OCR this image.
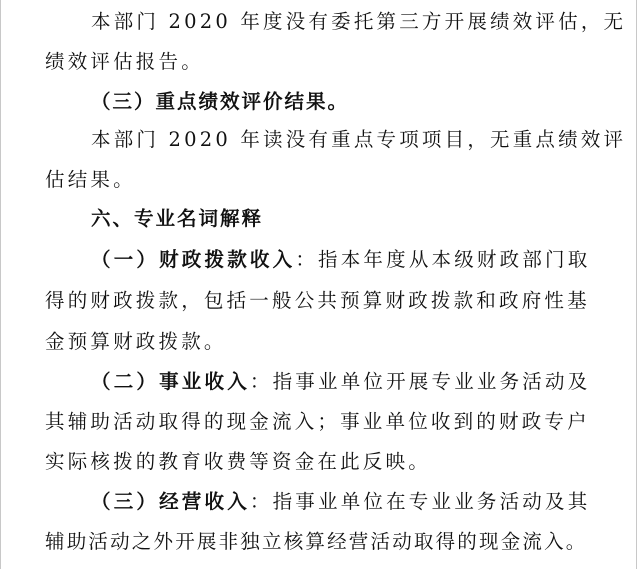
本部门 2020 年度没有委托第三方开展绩效评估，无
绩效评估报告。
（三）重点绩效评价结果。
本部门 2020 年读没有重点专项项目，无重点绩效评
估结果。
六、专业名词解释
（一）财政拨款收入：指本年度从本级财政部门取
得的财政拨款，包括一般公共预算财政拨款和政府性基
金预算财政拨款。
（二）事业收入：指事业单位开展专业业务活动及
其辅助活动取得的现金流入；事业单位收到的财政专户
实际核拨的教育收费等资金在此反映。
（三）经营收入：指事业单位在专业业务活动及其
辅助活动之外开展非独立核算经营活动取得的现金流入。
